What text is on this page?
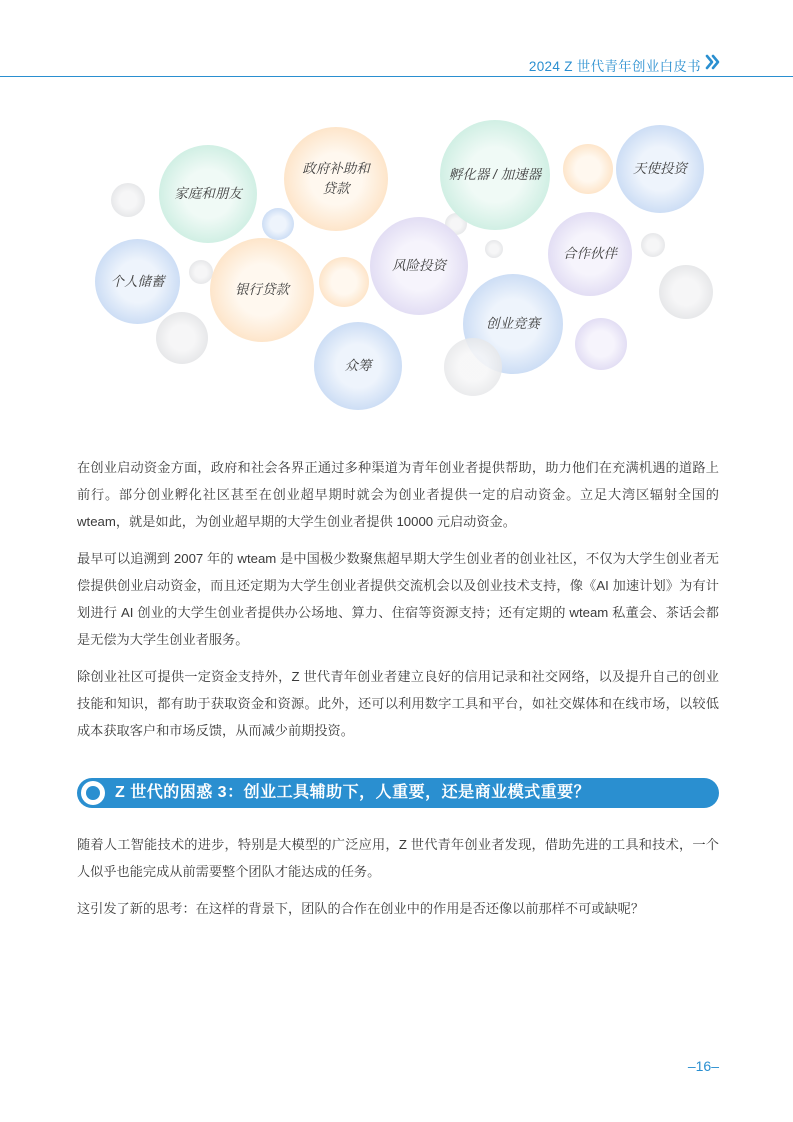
2024 Z 世代青年创业白皮书
家庭和朋友
政府补助和
贷款
孵化器 / 加速器	天使投资
个人储蓄
银行贷款
风险投资
合作伙伴
创业竞赛
众筹

在创业启动资金方面，政府和社会各界正通过多种渠道为青年创业者提供帮助，助力他们在充满机遇的道路上前行。部分创业孵化社区甚至在创业超早期时就会为创业者提供一定的启动资金。立足大湾区辐射全国的 wteam，就是如此，为创业超早期的大学生创业者提供 10000 元启动资金。

最早可以追溯到 2007 年的 wteam 是中国极少数聚焦超早期大学生创业者的创业社区，不仅为大学生创业者无偿提供创业启动资金，而且还定期为大学生创业者提供交流机会以及创业技术支持，像《AI 加速计划》为有计划进行 AI 创业的大学生创业者提供办公场地、算力、住宿等资源支持；还有定期的 wteam 私董会、茶话会都是无偿为大学生创业者服务。

除创业社区可提供一定资金支持外，Z 世代青年创业者建立良好的信用记录和社交网络，以及提升自己的创业技能和知识，都有助于获取资金和资源。此外，还可以利用数字工具和平台，如社交媒体和在线市场，以较低成本获取客户和市场反馈，从而减少前期投资。

Z 世代的困惑 3：创业工具辅助下，人重要，还是商业模式重要？

随着人工智能技术的进步，特别是大模型的广泛应用，Z 世代青年创业者发现，借助先进的工具和技术，一个人似乎也能完成从前需要整个团队才能达成的任务。

这引发了新的思考：在这样的背景下，团队的合作在创业中的作用是否还像以前那样不可或缺呢？

–16–
